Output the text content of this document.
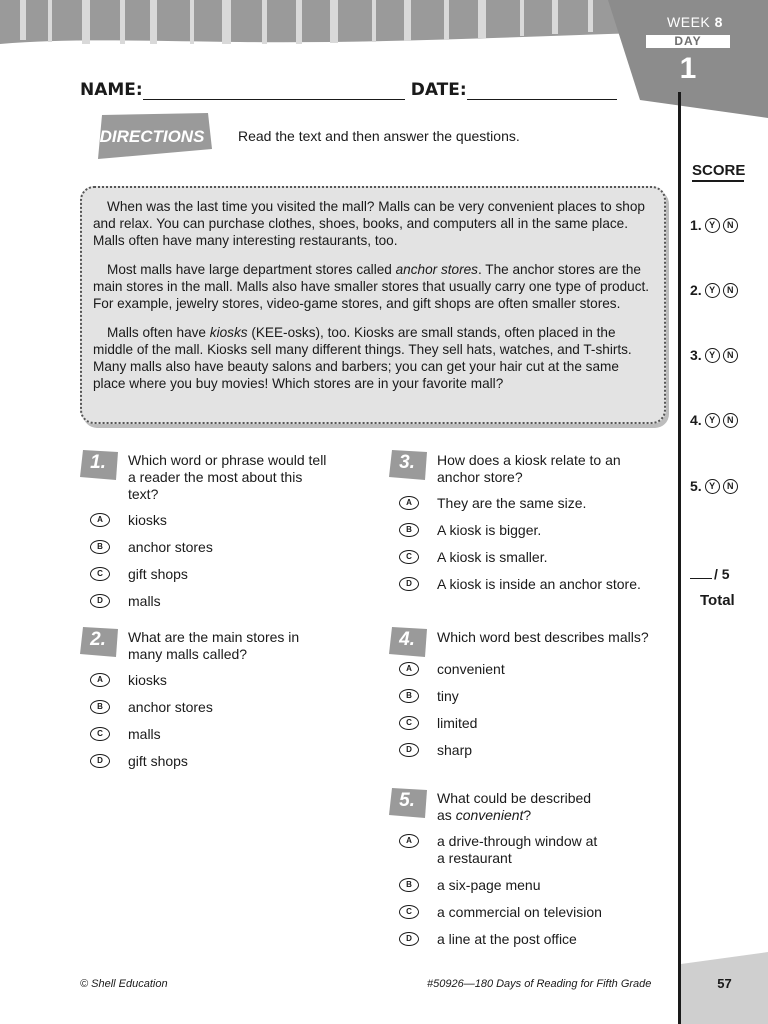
WEEK 8
DAY
1
NAME:	DATE:
DIRECTIONS Read the text and then answer the questions.

When was the last time you visited the mall? Malls can be very convenient places to shop and relax. You can purchase clothes, shoes, books, and computers all in the same place. Malls often have many interesting restaurants, too.

Most malls have large department stores called anchor stores. The anchor stores are the main stores in the mall. Malls also have smaller stores that usually carry one type of product. For example, jewelry stores, video-game stores, and gift shops are often smaller stores.

Malls often have kiosks (KEE-osks), too. Kiosks are small stands, often placed in the middle of the mall. Kiosks sell many different things. They sell hats, watches, and T-shirts. Many malls also have beauty salons and barbers; you can get your hair cut at the same place where you buy movies! Which stores are in your favorite mall?

1.	Which word or phrase would tell a reader the most about this text?
A	kiosks
B	anchor stores
C	gift shops
D	malls
2.	What are the main stores in many malls called?
A	kiosks
B	anchor stores
C	malls
D	gift shops
3.	How does a kiosk relate to an anchor store?
A	They are the same size.
B	A kiosk is bigger.
C	A kiosk is smaller.
D	A kiosk is inside an anchor store.
4.	Which word best describes malls?
A	convenient
B	tiny
C	limited
D	sharp
5.	What could be described as convenient?
A	a drive-through window at a restaurant
B	a six-page menu
C	a commercial on television
D	a line at the post office
SCORE
1. Y	N
2. Y	N
3. Y	N
4. Y	N
5. Y	N
/ 5
Total
© Shell Education	#50926—180 Days of Reading for Fifth Grade	57
